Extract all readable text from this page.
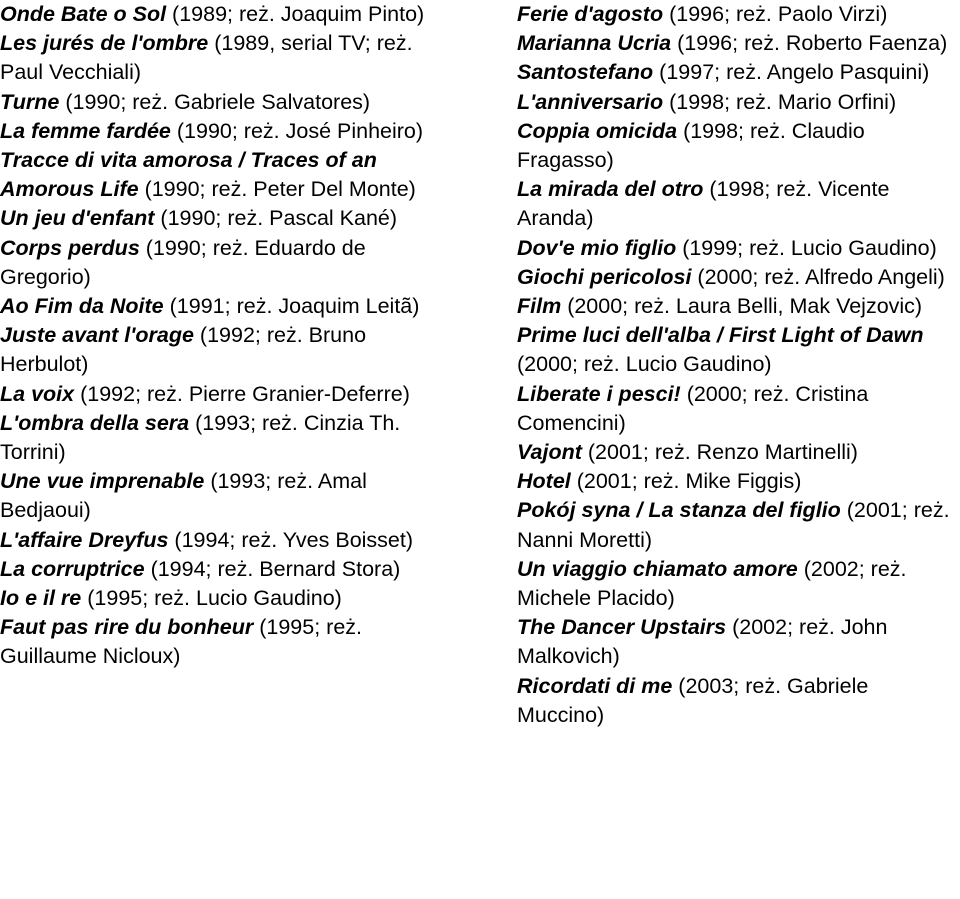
Onde Bate o Sol (1989; reż. Joaquim Pinto)
Les jurés de l'ombre (1989, serial TV; reż. Paul Vecchiali)
Turne (1990; reż. Gabriele Salvatores)
La femme fardée (1990; reż. José Pinheiro)
Tracce di vita amorosa / Traces of an Amorous Life (1990; reż. Peter Del Monte)
Un jeu d'enfant (1990; reż. Pascal Kané)
Corps perdus (1990; reż. Eduardo de Gregorio)
Ao Fim da Noite (1991; reż. Joaquim Leitã)
Juste avant l'orage (1992; reż. Bruno Herbulot)
La voix (1992; reż. Pierre Granier-Deferre)
L'ombra della sera (1993; reż. Cinzia Th. Torrini)
Une vue imprenable (1993; reż. Amal Bedjaoui)
L'affaire Dreyfus (1994; reż. Yves Boisset)
La corruptrice (1994; reż. Bernard Stora)
Io e il re (1995; reż. Lucio Gaudino)
Faut pas rire du bonheur (1995; reż. Guillaume Nicloux)
Ferie d'agosto (1996; reż. Paolo Virzi)
Marianna Ucria (1996; reż. Roberto Faenza)
Santostefano (1997; reż. Angelo Pasquini)
L'anniversario (1998; reż. Mario Orfini)
Coppia omicida (1998; reż. Claudio Fragasso)
La mirada del otro (1998; reż. Vicente Aranda)
Dov'e mio figlio (1999; reż. Lucio Gaudino)
Giochi pericolosi (2000; reż. Alfredo Angeli)
Film (2000; reż. Laura Belli, Mak Vejzovic)
Prime luci dell'alba / First Light of Dawn (2000; reż. Lucio Gaudino)
Liberate i pesci! (2000; reż. Cristina Comencini)
Vajont (2001; reż. Renzo Martinelli)
Hotel (2001; reż. Mike Figgis)
Pokój syna / La stanza del figlio (2001; reż. Nanni Moretti)
Un viaggio chiamato amore (2002; reż. Michele Placido)
The Dancer Upstairs (2002; reż. John Malkovich)
Ricordati di me (2003; reż. Gabriele Muccino)
